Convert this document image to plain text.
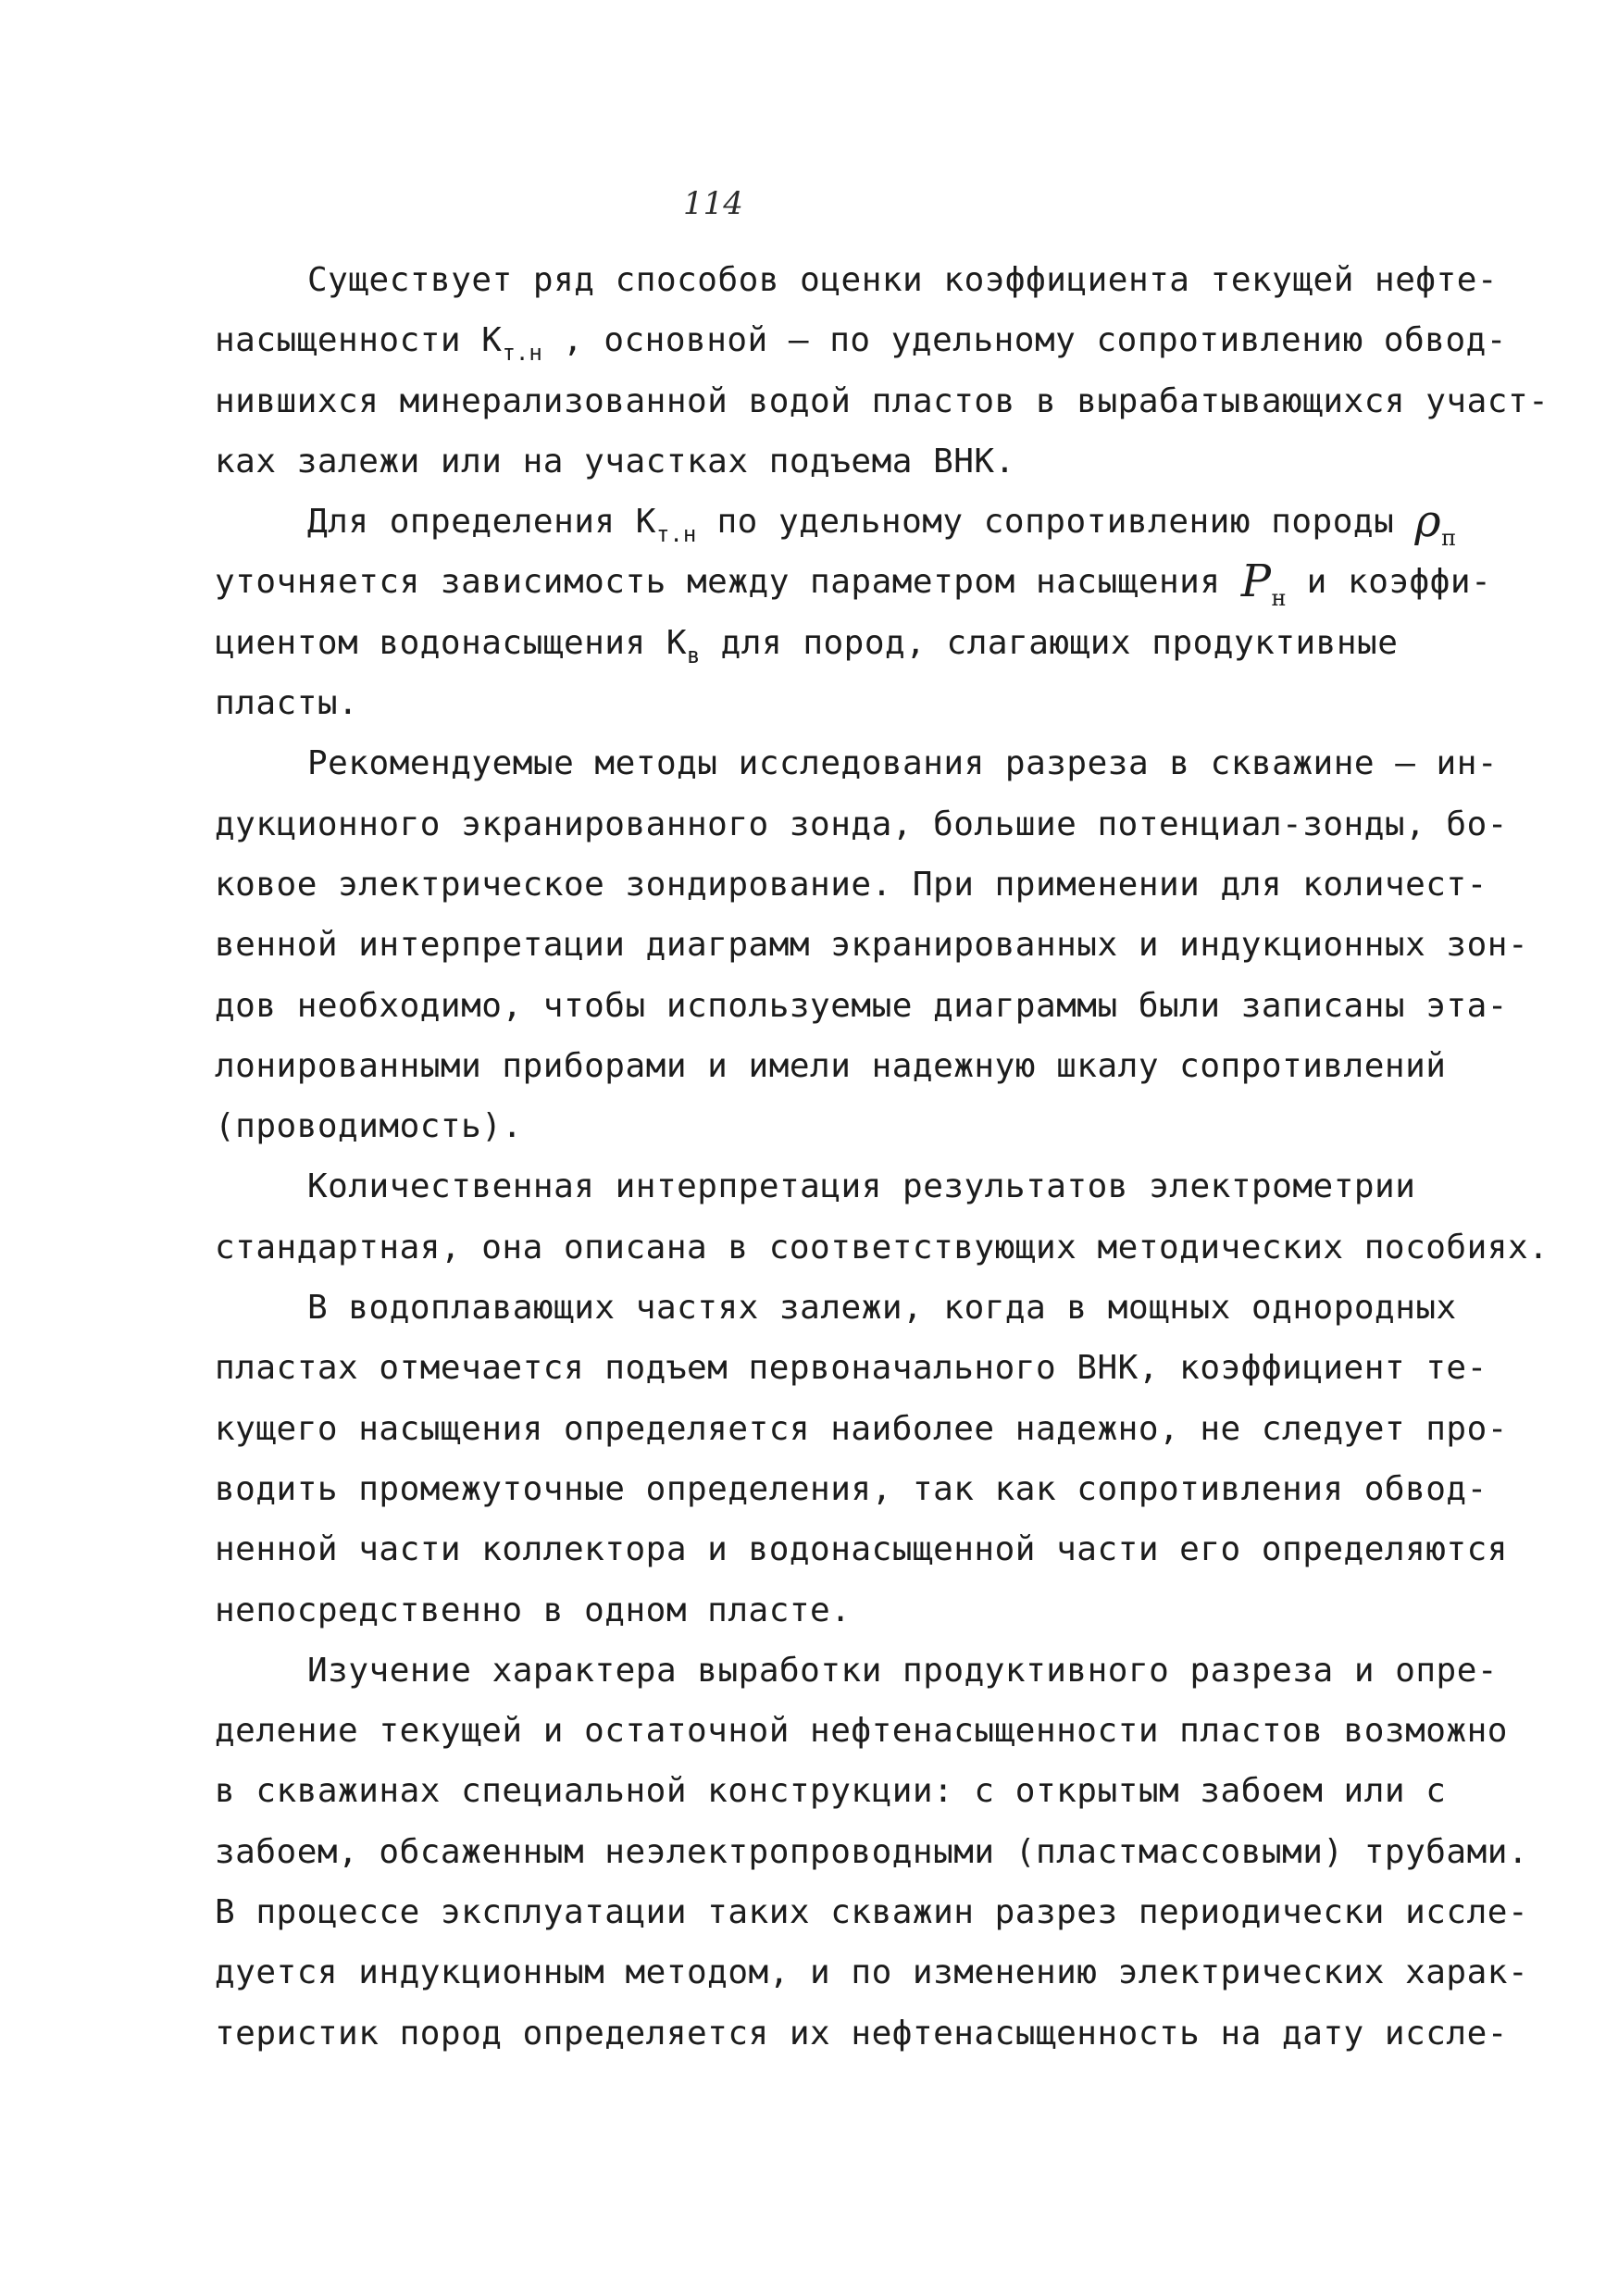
114
Существует ряд способов оценки коэффициента текущей нефте-
насыщенности $К_{т.н}$ , основной – по удельному сопротивлению обвод-
нившихся минерализованной водой пластов в вырабатывающихся участ-
ках залежи или на участках подъема ВНК.
Для определения $К_{т.н}$ по удельному сопротивлению породы $\rho_п$
уточняется зависимость между параметром насыщения $Р_н$ и коэффи-
циентом водонасыщения $К_в$ для пород, слагающих продуктивные
пласты.
Рекомендуемые методы исследования разреза в скважине – ин-
дукционного экранированного зонда, большие потенциал-зонды, бо-
ковое электрическое зондирование. При применении для количест-
венной интерпретации диаграмм экранированных и индукционных зон-
дов необходимо, чтобы используемые диаграммы были записаны эта-
лонированными приборами и имели надежную шкалу сопротивлений
(проводимость).
Количественная интерпретация результатов электрометрии
стандартная, она описана в соответствующих методических пособиях.
В водоплавающих частях залежи, когда в мощных однородных
пластах отмечается подъем первоначального ВНК, коэффициент те-
кущего насыщения определяется наиболее надежно, не следует про-
водить промежуточные определения, так как сопротивления обвод-
ненной части коллектора и водонасыщенной части его определяются
непосредственно в одном пласте.
Изучение характера выработки продуктивного разреза и опре-
деление текущей и остаточной нефтенасыщенности пластов возможно
в скважинах специальной конструкции: с открытым забоем или с
забоем, обсаженным неэлектропроводными (пластмассовыми) трубами.
В процессе эксплуатации таких скважин разрез периодически иссле-
дуется индукционным методом, и по изменению электрических харак-
теристик пород определяется их нефтенасыщенность на дату иссле-
